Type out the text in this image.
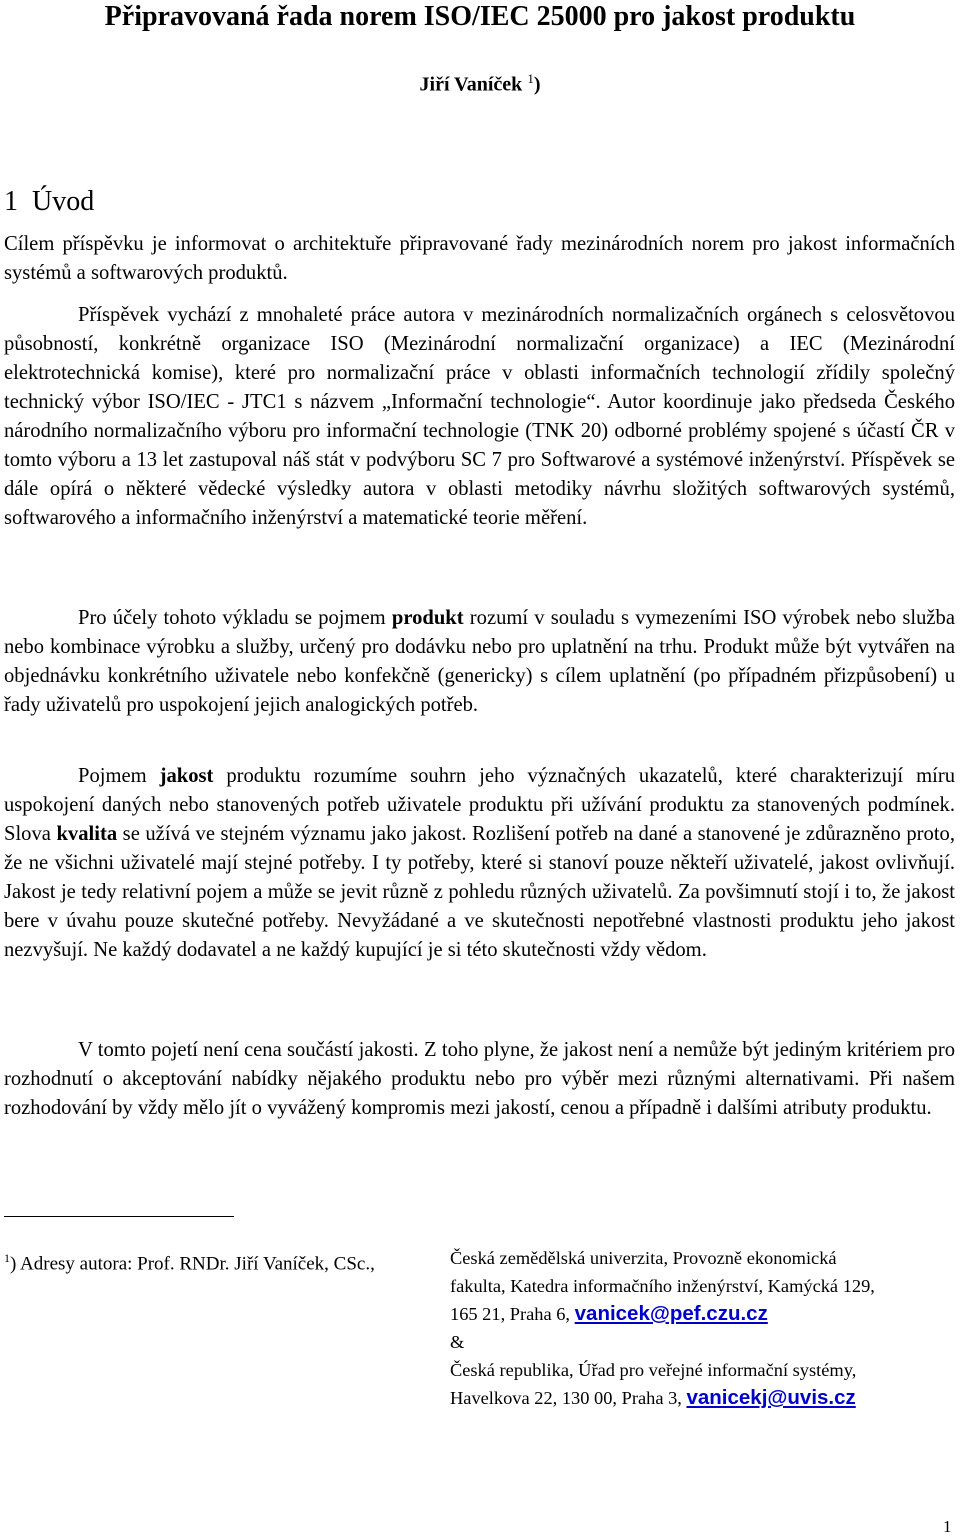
Připravovaná řada norem ISO/IEC 25000 pro jakost produktu
Jiří Vaníček $^1$)
1 Úvod

Cílem příspěvku je informovat o architektuře připravované řady mezinárodních norem pro jakost informačních systémů a softwarových produktů.

Příspěvek vychází z mnohaleté práce autora v mezinárodních normalizačních orgánech s celosvětovou působností, konkrétně organizace ISO (Mezinárodní normalizační organizace) a IEC (Mezinárodní elektrotechnická komise), které pro normalizační práce v oblasti informačních technologií zřídily společný technický výbor ISO/IEC - JTC1 s názvem „Informační technologie“. Autor koordinuje jako předseda Českého národního normalizačního výboru pro informační technologie (TNK 20) odborné problémy spojené s účastí ČR v tomto výboru a 13 let zastupoval náš stát v podvýboru SC 7 pro Softwarové a systémové inženýrství. Příspěvek se dále opírá o některé vědecké výsledky autora v oblasti metodiky návrhu složitých softwarových systémů, softwarového a informačního inženýrství a matematické teorie měření.

Pro účely tohoto výkladu se pojmem produkt rozumí v souladu s vymezeními ISO výrobek nebo služba nebo kombinace výrobku a služby, určený pro dodávku nebo pro uplatnění na trhu. Produkt může být vytvářen na objednávku konkrétního uživatele nebo konfekčně (genericky) s cílem uplatnění (po případném přizpůsobení) u řady uživatelů pro uspokojení jejich analogických potřeb.

Pojmem jakost produktu rozumíme souhrn jeho význačných ukazatelů, které charakterizují míru uspokojení daných nebo stanovených potřeb uživatele produktu při užívání produktu za stanovených podmínek. Slova kvalita se užívá ve stejném významu jako jakost. Rozlišení potřeb na dané a stanovené je zdůrazněno proto, že ne všichni uživatelé mají stejné potřeby. I ty potřeby, které si stanoví pouze někteří uživatelé, jakost ovlivňují. Jakost je tedy relativní pojem a může se jevit různě z pohledu různých uživatelů. Za povšimnutí stojí i to, že jakost bere v úvahu pouze skutečné potřeby. Nevyžádané a ve skutečnosti nepotřebné vlastnosti produktu jeho jakost nezvyšují. Ne každý dodavatel a ne každý kupující je si této skutečnosti vždy vědom.

V tomto pojetí není cena součástí jakosti. Z toho plyne, že jakost není a nemůže být jediným kritériem pro rozhodnutí o akceptování nabídky nějakého produktu nebo pro výběr mezi různými alternativami. Při našem rozhodování by vždy mělo jít o vyvážený kompromis mezi jakostí, cenou a případně i dalšími atributy produktu.

$^1$) Adresy autora: Prof. RNDr. Jiří Vaníček, CSc.,	Česká zemědělská univerzita, Provozně ekonomická
fakulta, Katedra informačního inženýrství, Kamýcká 129,
165 21, Praha 6, vanicek@pef.czu.cz
&
Česká republika, Úřad pro veřejné informační systémy,
Havelkova 22, 130 00, Praha 3, vanicekj@uvis.cz
1
